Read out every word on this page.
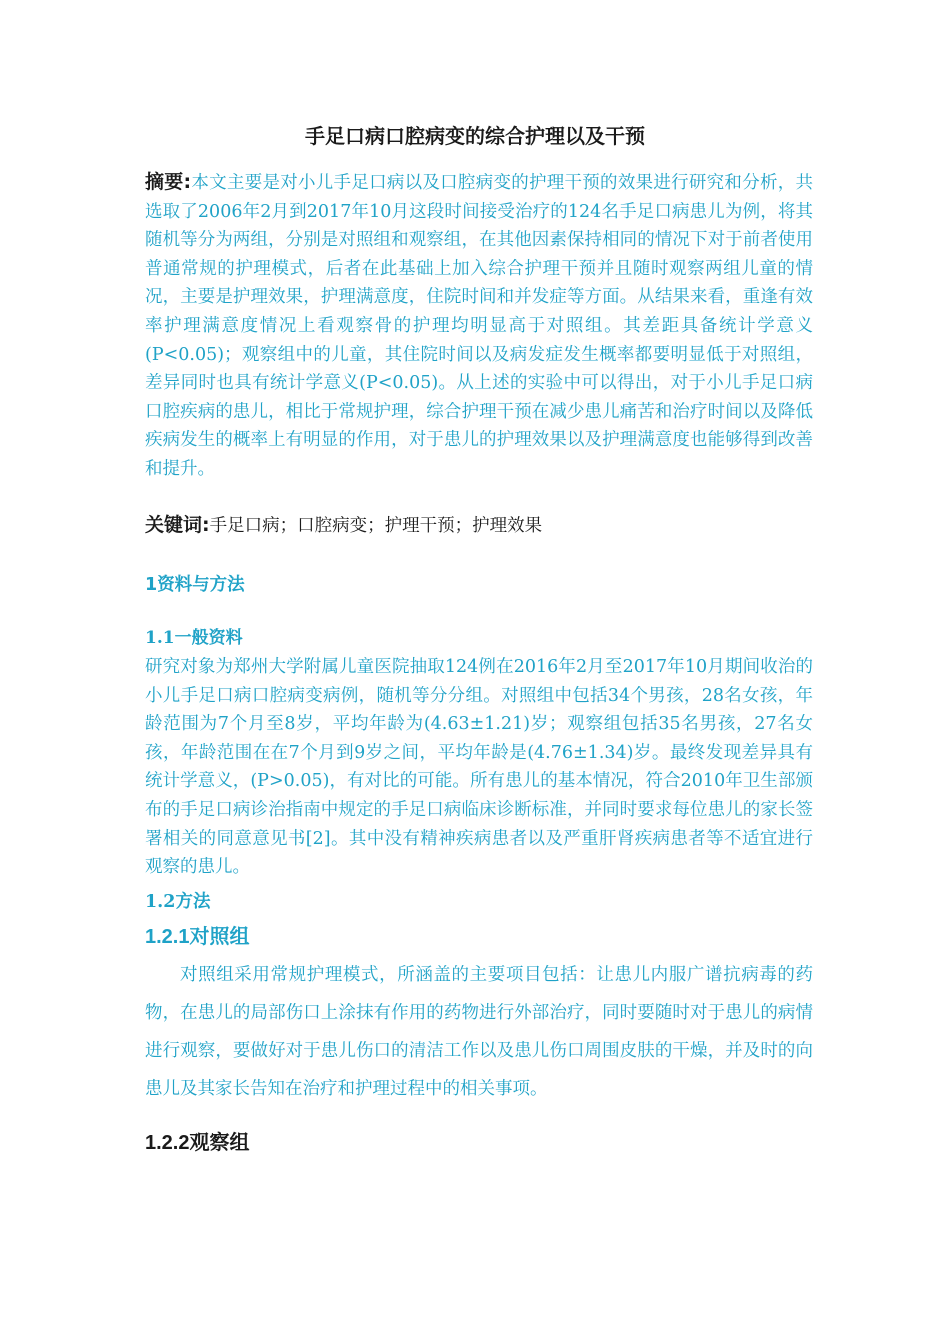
手足口病口腔病变的综合护理以及干预

摘要:本文主要是对小儿手足口病以及口腔病变的护理干预的效果进行研究和分析，共选取了2006年2月到2017年10月这段时间接受治疗的124名手足口病患儿为例，将其随机等分为两组，分别是对照组和观察组，在其他因素保持相同的情况下对于前者使用普通常规的护理模式，后者在此基础上加入综合护理干预并且随时观察两组儿童的情况，主要是护理效果，护理满意度，住院时间和并发症等方面。从结果来看，重逢有效率护理满意度情况上看观察骨的护理均明显高于对照组。其差距具备统计学意义(P<0.05)；观察组中的儿童，其住院时间以及病发症发生概率都要明显低于对照组，差异同时也具有统计学意义(P<0.05)。从上述的实验中可以得出，对于小儿手足口病口腔疾病的患儿，相比于常规护理，综合护理干预在减少患儿痛苦和治疗时间以及降低疾病发生的概率上有明显的作用，对于患儿的护理效果以及护理满意度也能够得到改善和提升。

关键词:手足口病；口腔病变；护理干预；护理效果

1资料与方法
1.1一般资料

研究对象为郑州大学附属儿童医院抽取124例在2016年2月至2017年10月期间收治的小儿手足口病口腔病变病例，随机等分分组。对照组中包括34个男孩，28名女孩，年龄范围为7个月至8岁，平均年龄为(4.63±1.21)岁；观察组包括35名男孩，27名女孩，年龄范围在在7个月到9岁之间，平均年龄是(4.76±1.34)岁。最终发现差异具有统计学意义，(P>0.05)，有对比的可能。所有患儿的基本情况，符合2010年卫生部颁布的手足口病诊治指南中规定的手足口病临床诊断标准，并同时要求每位患儿的家长签署相关的同意意见书[2]。其中没有精神疾病患者以及严重肝肾疾病患者等不适宜进行观察的患儿。

1.2方法
1.2.1对照组

对照组采用常规护理模式，所涵盖的主要项目包括：让患儿内服广谱抗病毒的药物，在患儿的局部伤口上涂抹有作用的药物进行外部治疗，同时要随时对于患儿的病情进行观察，要做好对于患儿伤口的清洁工作以及患儿伤口周围皮肤的干燥，并及时的向患儿及其家长告知在治疗和护理过程中的相关事项。

1.2.2观察组
